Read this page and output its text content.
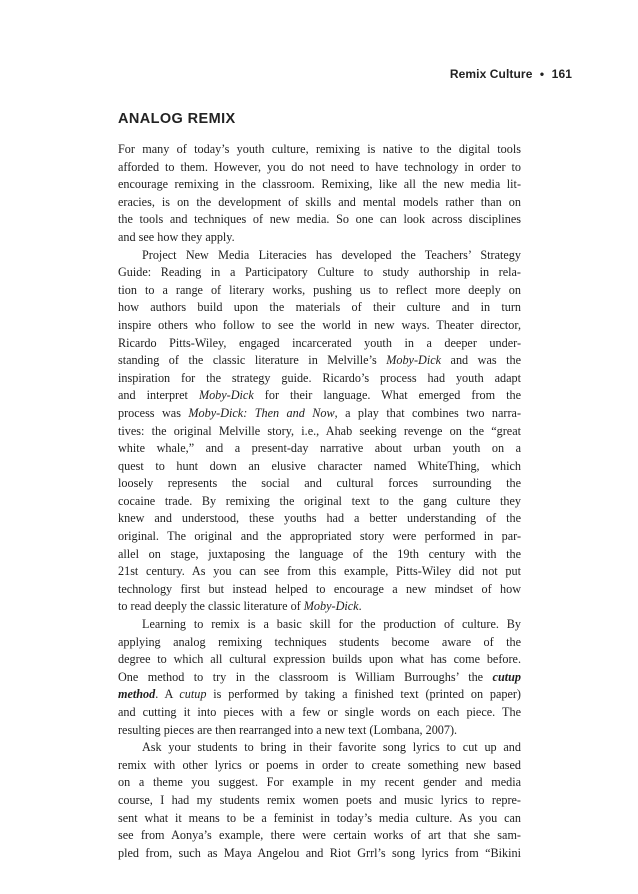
Remix Culture • 161
ANALOG REMIX
For many of today’s youth culture, remixing is native to the digital tools
afforded to them. However, you do not need to have technology in order to
encourage remixing in the classroom. Remixing, like all the new media lit-
eracies, is on the development of skills and mental models rather than on
the tools and techniques of new media. So one can look across disciplines
and see how they apply.
Project New Media Literacies has developed the Teachers’ Strategy
Guide: Reading in a Participatory Culture to study authorship in rela-
tion to a range of literary works, pushing us to reflect more deeply on
how authors build upon the materials of their culture and in turn
inspire others who follow to see the world in new ways. Theater director,
Ricardo Pitts-Wiley, engaged incarcerated youth in a deeper under-
standing of the classic literature in Melville’s Moby-Dick and was the
inspiration for the strategy guide. Ricardo’s process had youth adapt
and interpret Moby-Dick for their language. What emerged from the
process was Moby-Dick: Then and Now, a play that combines two narra-
tives: the original Melville story, i.e., Ahab seeking revenge on the “great
white whale,” and a present-day narrative about urban youth on a
quest to hunt down an elusive character named WhiteThing, which
loosely represents the social and cultural forces surrounding the
cocaine trade. By remixing the original text to the gang culture they
knew and understood, these youths had a better understanding of the
original. The original and the appropriated story were performed in par-
allel on stage, juxtaposing the language of the 19th century with the
21st century. As you can see from this example, Pitts-Wiley did not put
technology first but instead helped to encourage a new mindset of how
to read deeply the classic literature of Moby-Dick.
Learning to remix is a basic skill for the production of culture. By
applying analog remixing techniques students become aware of the
degree to which all cultural expression builds upon what has come before.
One method to try in the classroom is William Burroughs’ the cutup
method. A cutup is performed by taking a finished text (printed on paper)
and cutting it into pieces with a few or single words on each piece. The
resulting pieces are then rearranged into a new text (Lombana, 2007).
Ask your students to bring in their favorite song lyrics to cut up and
remix with other lyrics or poems in order to create something new based
on a theme you suggest. For example in my recent gender and media
course, I had my students remix women poets and music lyrics to repre-
sent what it means to be a feminist in today’s media culture. As you can
see from Aonya’s example, there were certain works of art that she sam-
pled from, such as Maya Angelou and Riot Grrl’s song lyrics from “Bikini
